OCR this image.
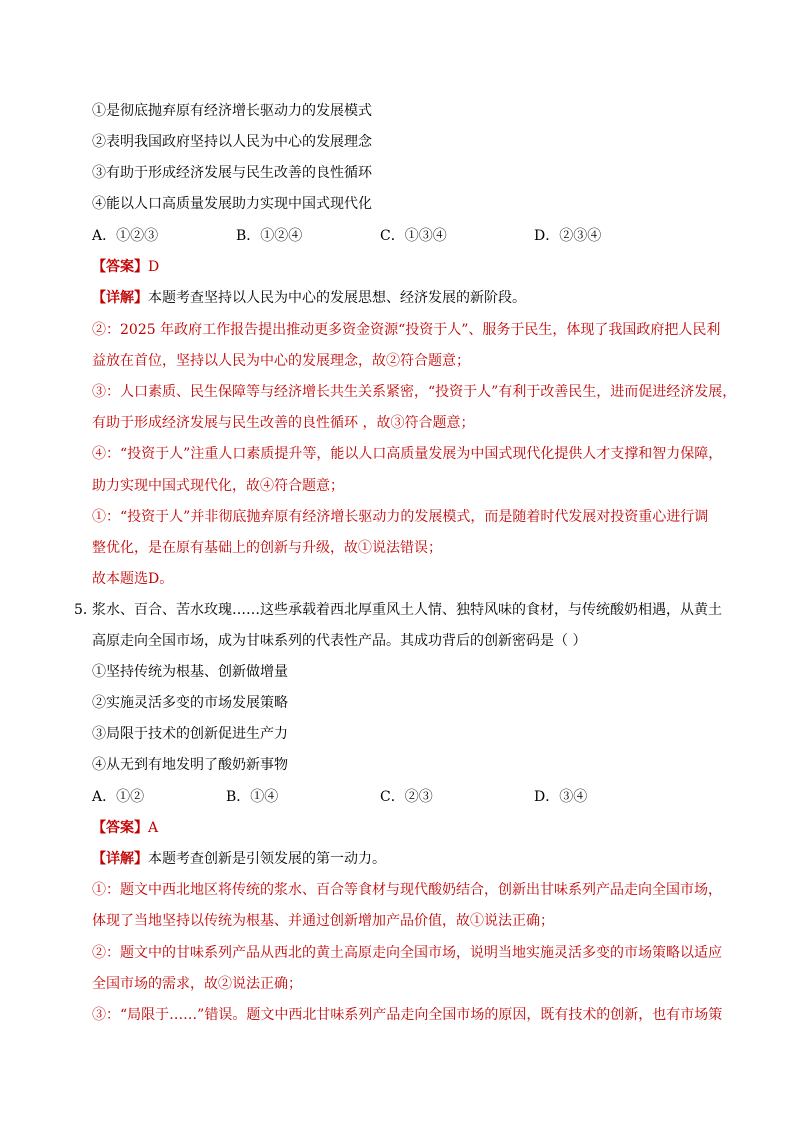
①是彻底抛弃原有经济增长驱动力的发展模式
②表明我国政府坚持以人民为中心的发展理念
③有助于形成经济发展与民生改善的良性循环
④能以人口高质量发展助力实现中国式现代化
A．①②③	B．①②④	C．①③④	D．②③④
【答案】D
【详解】本题考查坚持以人民为中心的发展思想、经济发展的新阶段。
②：2025 年政府工作报告提出推动更多资金资源“投资于人”、服务于民生，体现了我国政府把人民利
益放在首位，坚持以人民为中心的发展理念，故②符合题意；
③：人口素质、民生保障等与经济增长共生关系紧密，“投资于人”有利于改善民生，进而促进经济发展，
有助于形成经济发展与民生改善的良性循环 ，故③符合题意；
④：“投资于人”注重人口素质提升等，能以人口高质量发展为中国式现代化提供人才支撑和智力保障，
助力实现中国式现代化，故④符合题意；
①：“投资于人”并非彻底抛弃原有经济增长驱动力的发展模式，而是随着时代发展对投资重心进行调
整优化，是在原有基础上的创新与升级，故①说法错误；
故本题选D。
5．
浆水、百合、苦水玫瑰……这些承载着西北厚重风土人情、独特风味的食材，与传统酸奶相遇，从黄土
高原走向全国市场，成为甘味系列的代表性产品。其成功背后的创新密码是（ ）
①坚持传统为根基、创新做增量
②实施灵活多变的市场发展策略
③局限于技术的创新促进生产力
④从无到有地发明了酸奶新事物
A．①②	B．①④	C．②③	D．③④
【答案】A
【详解】本题考查创新是引领发展的第一动力。
①：题文中西北地区将传统的浆水、百合等食材与现代酸奶结合，创新出甘味系列产品走向全国市场，
体现了当地坚持以传统为根基、并通过创新增加产品价值，故①说法正确；
②：题文中的甘味系列产品从西北的黄土高原走向全国市场，说明当地实施灵活多变的市场策略以适应
全国市场的需求，故②说法正确；
③：“局限于……”错误。题文中西北甘味系列产品走向全国市场的原因，既有技术的创新，也有市场策
